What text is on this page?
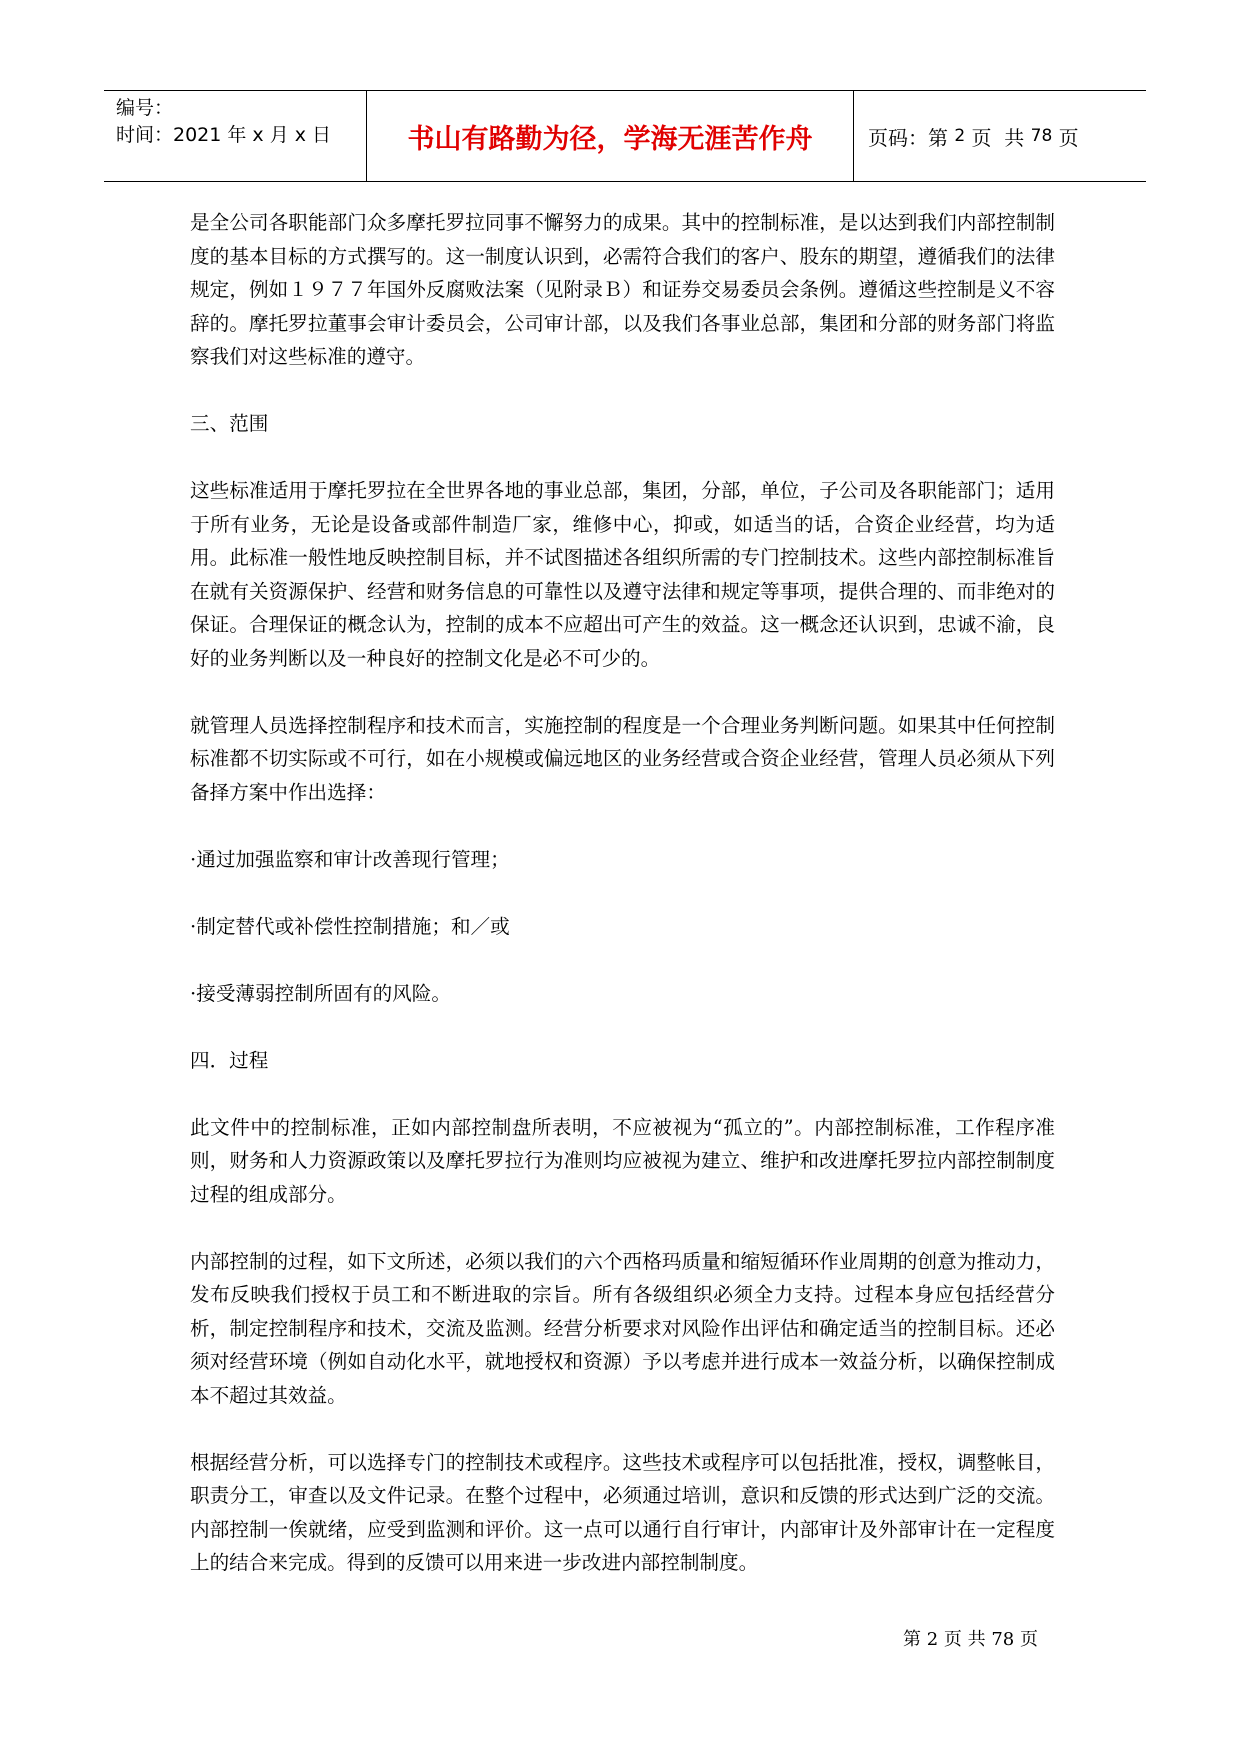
编号：
时间：2021 年 x 月 x 日	书山有路勤为径，学海无涯苦作舟	页码：第 2 页  共 78 页

是全公司各职能部门众多摩托罗拉同事不懈努力的成果。其中的控制标准，是以达到我们内部控制制度的基本目标的方式撰写的。这一制度认识到，必需符合我们的客户、股东的期望，遵循我们的法律规定，例如１９７７年国外反腐败法案（见附录Ｂ）和证券交易委员会条例。遵循这些控制是义不容辞的。摩托罗拉董事会审计委员会，公司审计部，以及我们各事业总部，集团和分部的财务部门将监察我们对这些标准的遵守。

三、范围

这些标准适用于摩托罗拉在全世界各地的事业总部，集团，分部，单位，子公司及各职能部门；适用于所有业务，无论是设备或部件制造厂家，维修中心，抑或，如适当的话，合资企业经营，均为适用。此标准一般性地反映控制目标，并不试图描述各组织所需的专门控制技术。这些内部控制标准旨在就有关资源保护、经营和财务信息的可靠性以及遵守法律和规定等事项，提供合理的、而非绝对的保证。合理保证的概念认为，控制的成本不应超出可产生的效益。这一概念还认识到，忠诚不渝，良好的业务判断以及一种良好的控制文化是必不可少的。

就管理人员选择控制程序和技术而言，实施控制的程度是一个合理业务判断问题。如果其中任何控制标准都不切实际或不可行，如在小规模或偏远地区的业务经营或合资企业经营，管理人员必须从下列备择方案中作出选择：

·通过加强监察和审计改善现行管理；

·制定替代或补偿性控制措施；和／或

·接受薄弱控制所固有的风险。

四．过程

此文件中的控制标准，正如内部控制盘所表明，不应被视为“孤立的”。内部控制标准，工作程序准则，财务和人力资源政策以及摩托罗拉行为准则均应被视为建立、维护和改进摩托罗拉内部控制制度过程的组成部分。

内部控制的过程，如下文所述，必须以我们的六个西格玛质量和缩短循环作业周期的创意为推动力，发布反映我们授权于员工和不断进取的宗旨。所有各级组织必须全力支持。过程本身应包括经营分析，制定控制程序和技术，交流及监测。经营分析要求对风险作出评估和确定适当的控制目标。还必须对经营环境（例如自动化水平，就地授权和资源）予以考虑并进行成本一效益分析，以确保控制成本不超过其效益。

根据经营分析，可以选择专门的控制技术或程序。这些技术或程序可以包括批准，授权，调整帐目，职责分工，审查以及文件记录。在整个过程中，必须通过培训，意识和反馈的形式达到广泛的交流。内部控制一俟就绪，应受到监测和评价。这一点可以通行自行审计，内部审计及外部审计在一定程度上的结合来完成。得到的反馈可以用来进一步改进内部控制制度。

第 2 页 共 78 页
